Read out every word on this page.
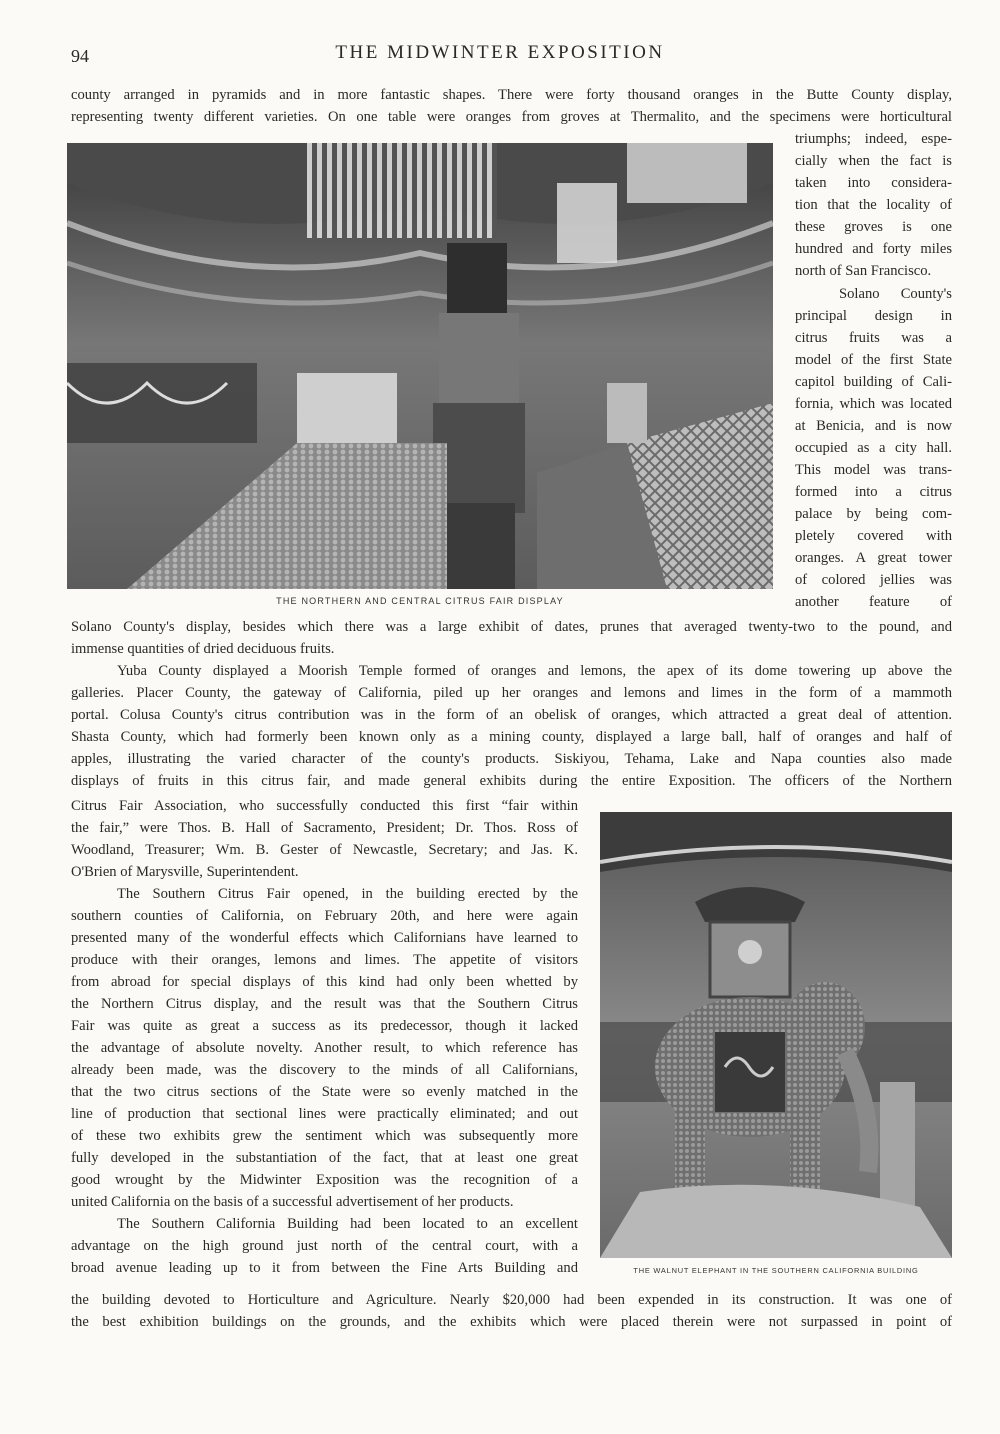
94	THE MIDWINTER EXPOSITION
county arranged in pyramids and in more fantastic shapes. There were forty thousand oranges in the Butte County display,
representing twenty different varieties. On one table were oranges from groves at Thermalito, and the specimens were horticultural
THE NORTHERN AND CENTRAL CITRUS FAIR DISPLAY
triumphs; indeed, espe-
cially when the fact is
taken into considera-
tion that the locality of
these groves is one
hundred and forty miles
north of San Francisco.
Solano County's
principal design in
citrus fruits was a
model of the first State
capitol building of Cali-
fornia, which was located
at Benicia, and is now
occupied as a city hall.
This model was trans-
formed into a citrus
palace by being com-
pletely covered with
oranges. A great tower
of colored jellies was
another feature of
Solano County's display, besides which there was a large exhibit of dates, prunes that averaged twenty-two to the pound, and
immense quantities of dried deciduous fruits.
Yuba County displayed a Moorish Temple formed of oranges and lemons, the apex of its dome towering up above the
galleries. Placer County, the gateway of California, piled up her oranges and lemons and limes in the form of a mammoth
portal. Colusa County's citrus contribution was in the form of an obelisk of oranges, which attracted a great deal of attention.
Shasta County, which had formerly been known only as a mining county, displayed a large ball, half of oranges and half of
apples, illustrating the varied character of the county's products. Siskiyou, Tehama, Lake and Napa counties also made
displays of fruits in this citrus fair, and made general exhibits during the entire Exposition. The officers of the Northern
Citrus Fair Association, who successfully conducted this first “fair within
the fair,” were Thos. B. Hall of Sacramento, President; Dr. Thos. Ross of
Woodland, Treasurer; Wm. B. Gester of Newcastle, Secretary; and Jas. K.
O'Brien of Marysville, Superintendent.
The Southern Citrus Fair opened, in the building erected by the
southern counties of California, on February 20th, and here were again
presented many of the wonderful effects which Californians have learned to
produce with their oranges, lemons and limes. The appetite of visitors
from abroad for special displays of this kind had only been whetted by
the Northern Citrus display, and the result was that the Southern Citrus
Fair was quite as great a success as its predecessor, though it lacked
the advantage of absolute novelty. Another result, to which reference has
already been made, was the discovery to the minds of all Californians,
that the two citrus sections of the State were so evenly matched in the
line of production that sectional lines were practically eliminated; and out
of these two exhibits grew the sentiment which was subsequently more
fully developed in the substantiation of the fact, that at least one great
good wrought by the Midwinter Exposition was the recognition of a
united California on the basis of a successful advertisement of her products.
The Southern California Building had been located to an excellent
advantage on the high ground just north of the central court, with a
broad avenue leading up to it from between the Fine Arts Building and	THE WALNUT ELEPHANT IN THE SOUTHERN CALIFORNIA BUILDING
the building devoted to Horticulture and Agriculture. Nearly $20,000 had been expended in its construction. It was one of
the best exhibition buildings on the grounds, and the exhibits which were placed therein were not surpassed in point of
